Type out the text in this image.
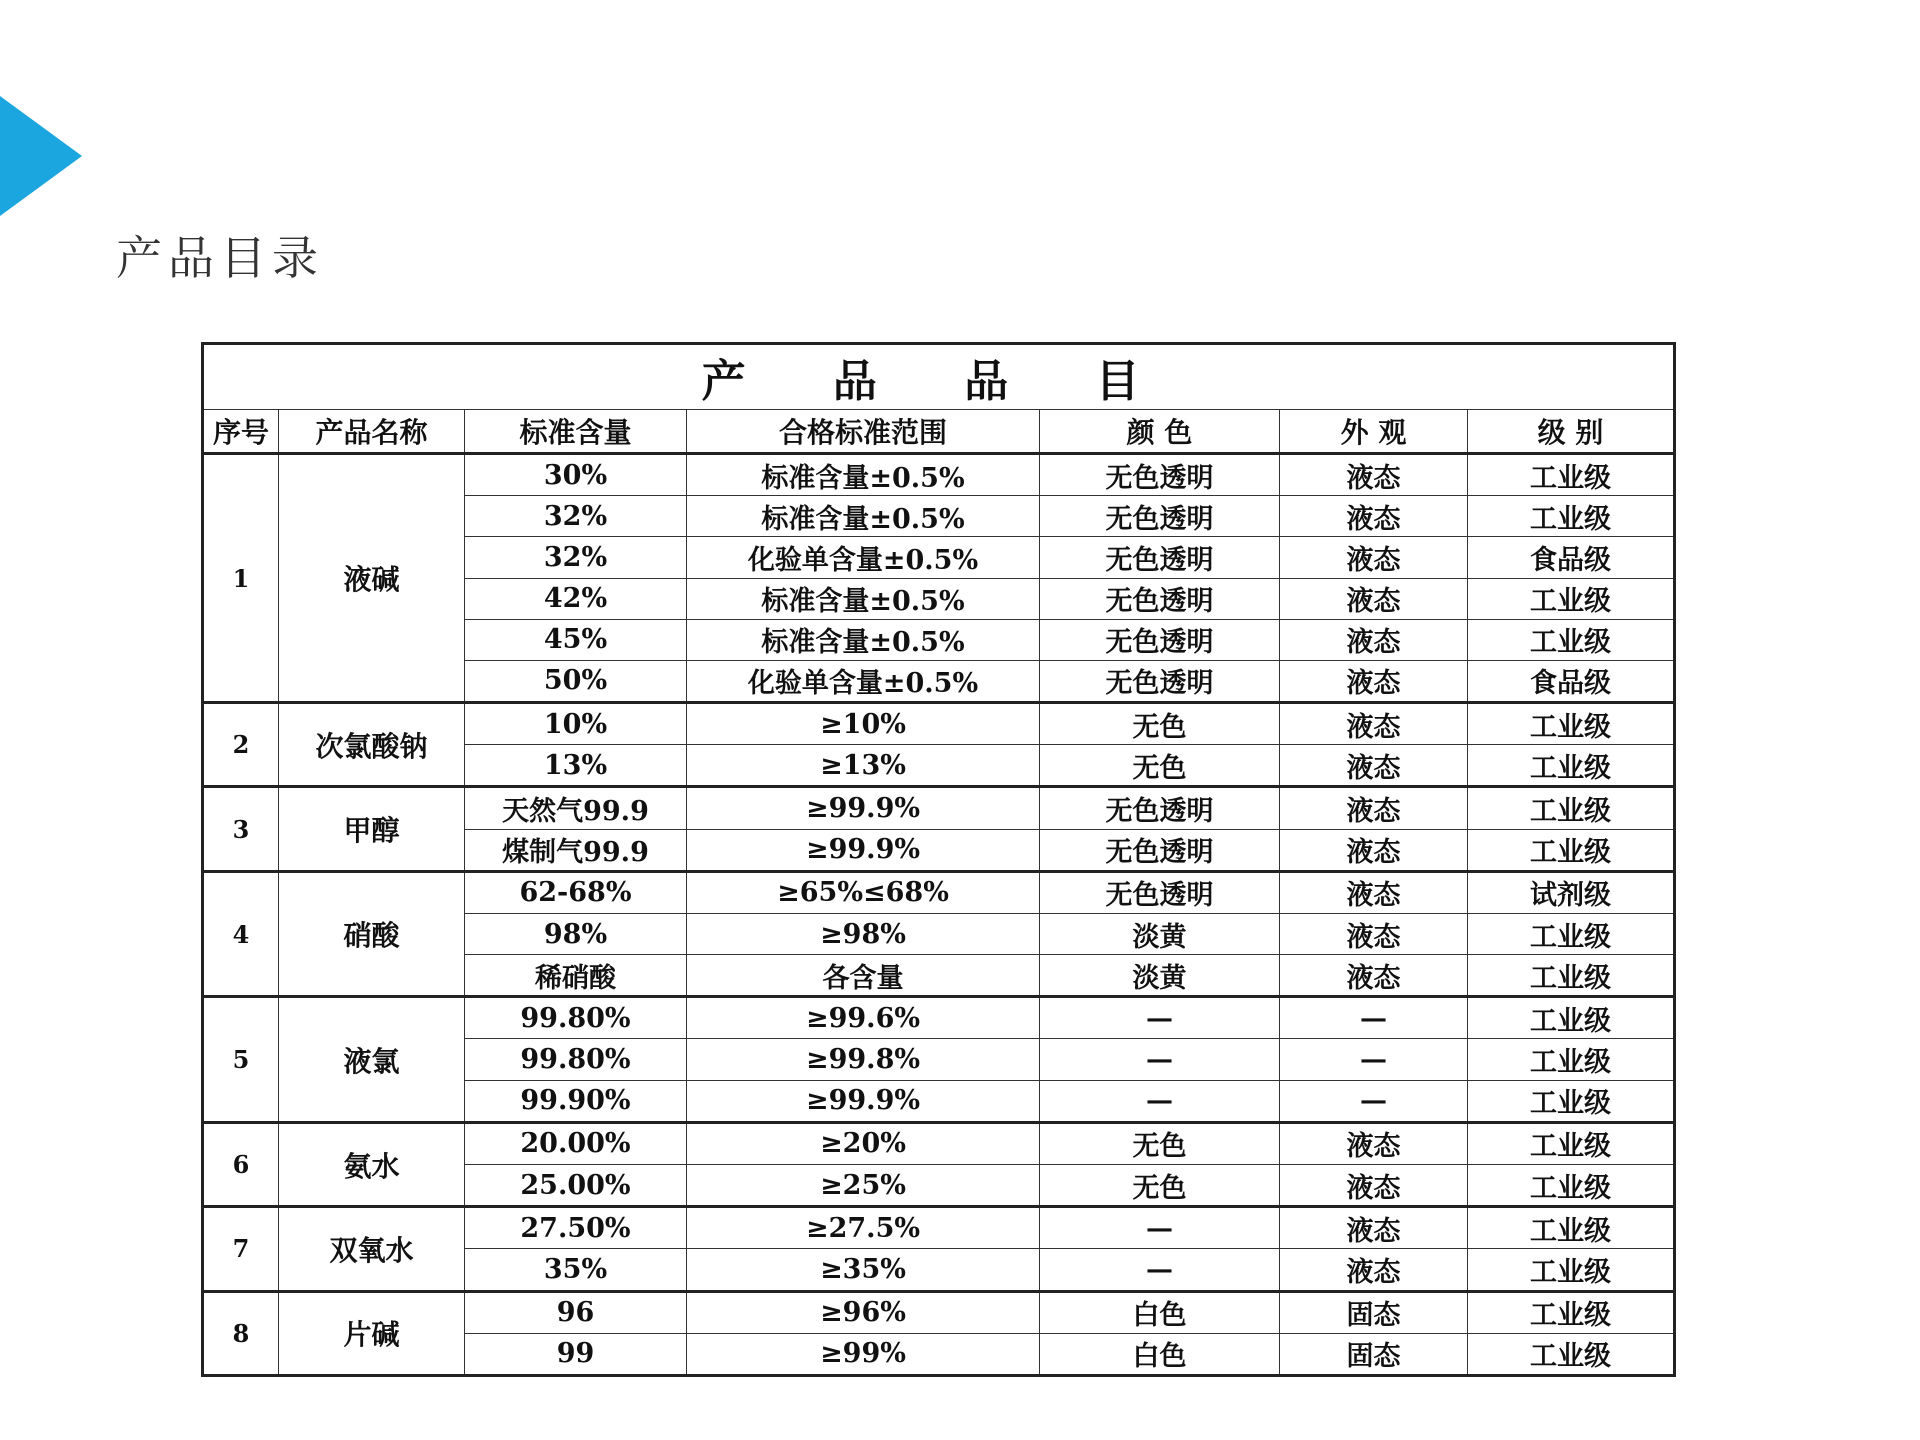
产品目录
产 品 品 目						
序号	产品名称	标准含量	合格标准范围	颜 色	外 观	级 别
1	液碱	30%	标准含量±0.5%	无色透明	液态	工业级
		32%	标准含量±0.5%	无色透明	液态	工业级
		32%	化验单含量±0.5%	无色透明	液态	食品级
		42%	标准含量±0.5%	无色透明	液态	工业级
		45%	标准含量±0.5%	无色透明	液态	工业级
		50%	化验单含量±0.5%	无色透明	液态	食品级
2	次氯酸钠	10%	≥10%	无色	液态	工业级
		13%	≥13%	无色	液态	工业级
3	甲醇	天然气99.9	≥99.9%	无色透明	液态	工业级
		煤制气99.9	≥99.9%	无色透明	液态	工业级
4	硝酸	62-68%	≥65%≤68%	无色透明	液态	试剂级
		98%	≥98%	淡黄	液态	工业级
		稀硝酸	各含量	淡黄	液态	工业级
5	液氯	99.80%	≥99.6%	—	—	工业级
		99.80%	≥99.8%	—	—	工业级
		99.90%	≥99.9%	—	—	工业级
6	氨水	20.00%	≥20%	无色	液态	工业级
		25.00%	≥25%	无色	液态	工业级
7	双氧水	27.50%	≥27.5%	—	液态	工业级
		35%	≥35%	—	液态	工业级
8	片碱	96	≥96%	白色	固态	工业级
		99	≥99%	白色	固态	工业级
